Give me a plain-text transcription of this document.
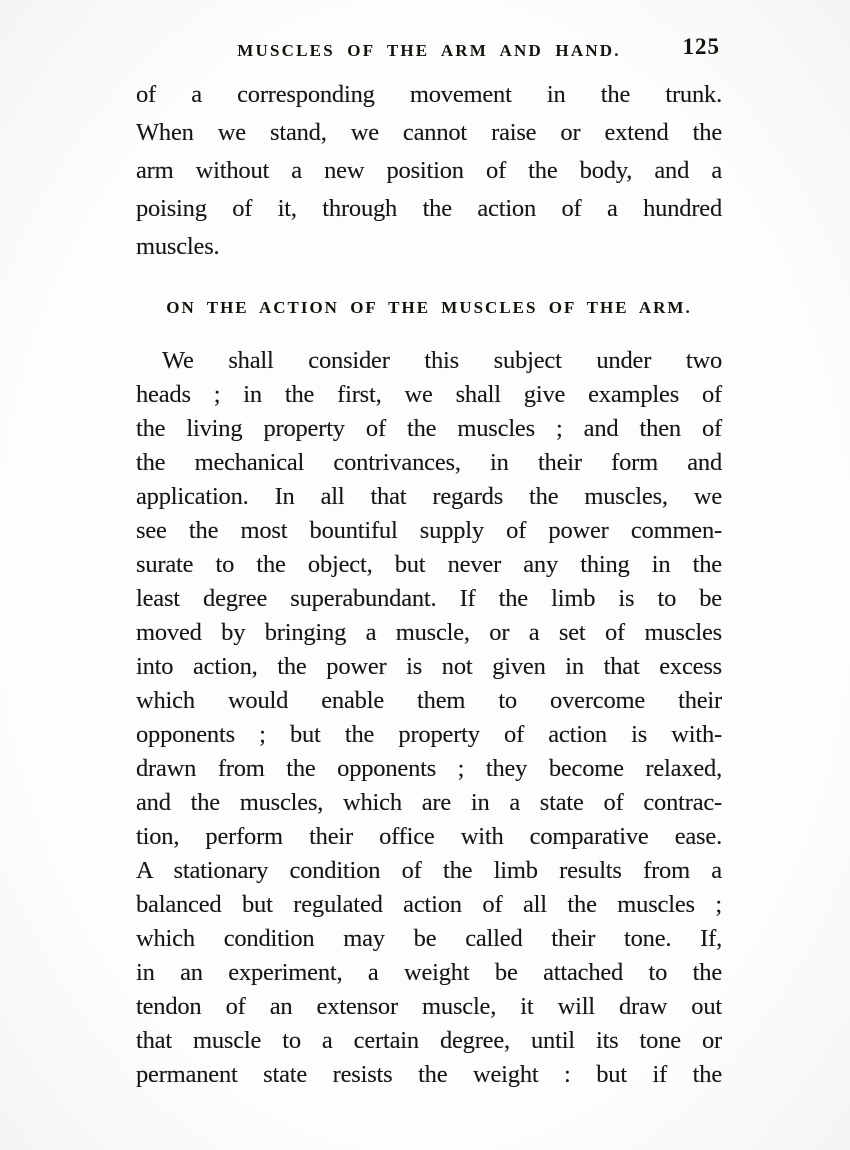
MUSCLES OF THE ARM AND HAND.	125
of a corresponding movement in the trunk.
When we stand, we cannot raise or extend the
arm without a new position of the body, and a
poising of it, through the action of a hundred
muscles.
ON THE ACTION OF THE MUSCLES OF THE ARM.
We shall consider this subject under two
heads ; in the first, we shall give examples of
the living property of the muscles ; and then of
the mechanical contrivances, in their form and
application. In all that regards the muscles, we
see the most bountiful supply of power commen-
surate to the object, but never any thing in the
least degree superabundant. If the limb is to be
moved by bringing a muscle, or a set of muscles
into action, the power is not given in that excess
which would enable them to overcome their
opponents ; but the property of action is with-
drawn from the opponents ; they become relaxed,
and the muscles, which are in a state of contrac-
tion, perform their office with comparative ease.
A stationary condition of the limb results from a
balanced but regulated action of all the muscles ;
which condition may be called their tone. If,
in an experiment, a weight be attached to the
tendon of an extensor muscle, it will draw out
that muscle to a certain degree, until its tone or
permanent state resists the weight : but if the
